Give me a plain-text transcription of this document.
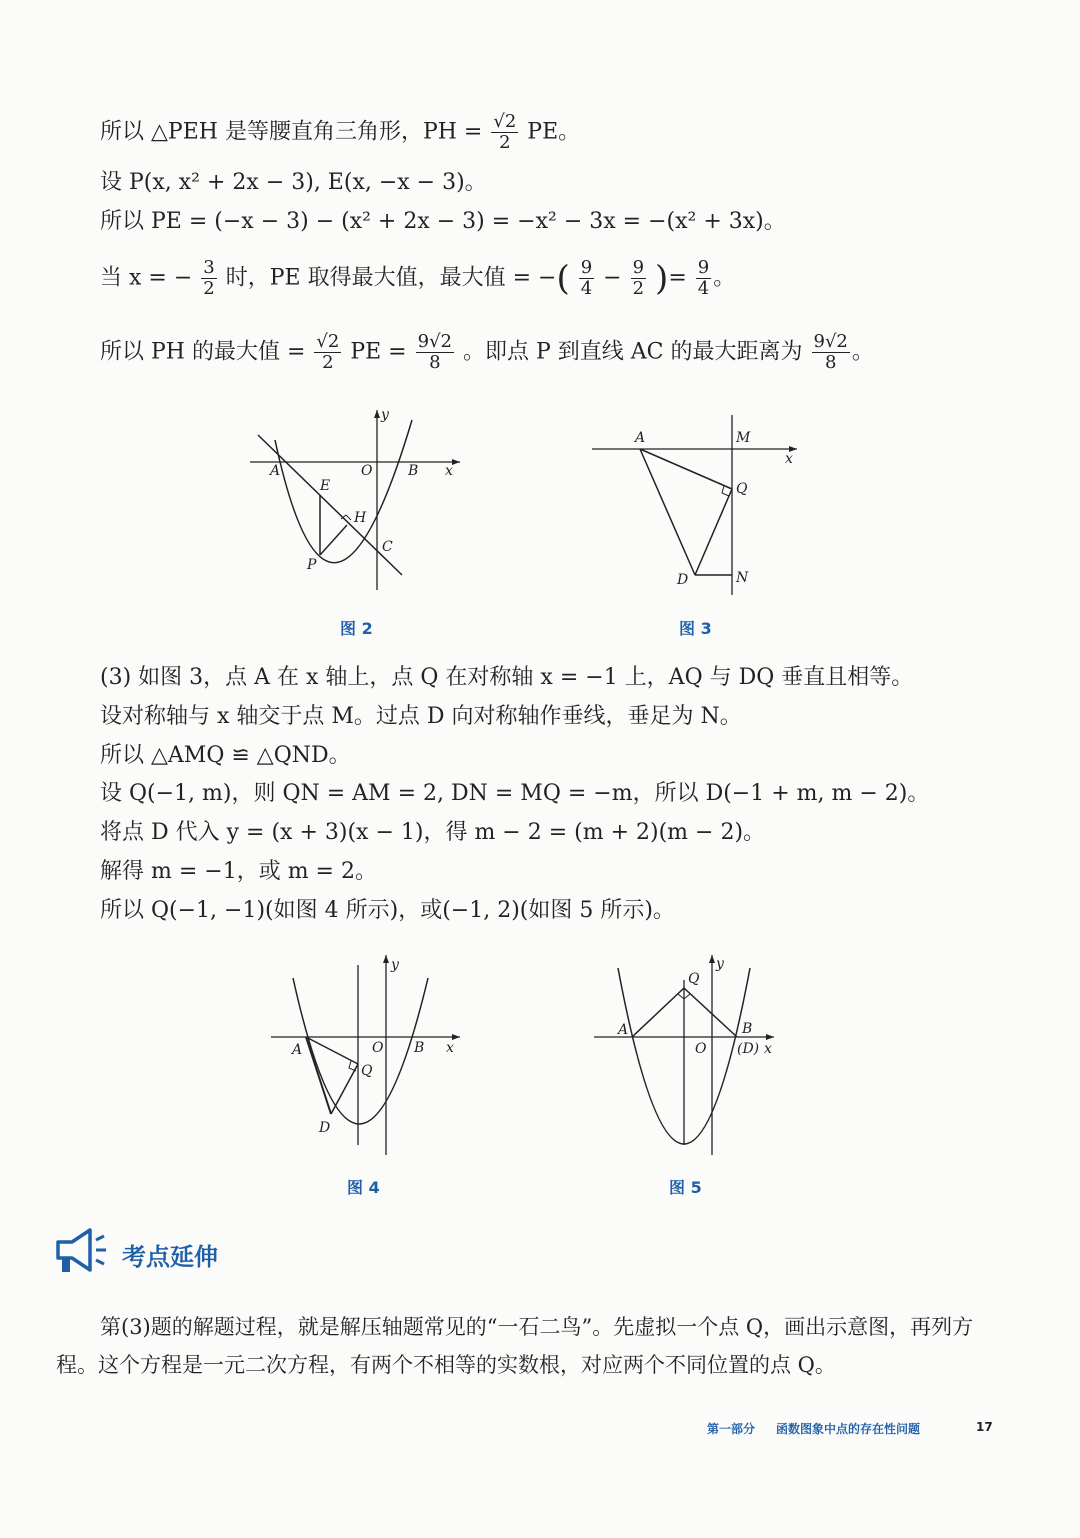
所以 △PEH 是等腰直角三角形，PH = $\frac{√2}{2}$ PE。
设 P(x, x² + 2x − 3), E(x, −x − 3)。
所以 PE = (−x − 3) − (x² + 2x − 3) = −x² − 3x = −(x² + 3x)。
当 x = − $\frac{3}{2}$ 时，PE 取得最大值，最大值 = −( $\frac{9}{4} - \frac{9}{2}$ )= $\frac{9}{4}$ 。
所以 PH 的最大值 = $\frac{√2}{2}$ PE = $\frac{9√2}{8}$ 。即点 P 到直线 AC 的最大距离为 $\frac{9√2}{8}$ 。
A	O	B x
y
E
H
C
P
图 2
A	M
x
Q
D	N
图 3
(3) 如图 3，点 A 在 x 轴上，点 Q 在对称轴 x = −1 上，AQ 与 DQ 垂直且相等。
设对称轴与 x 轴交于点 M。过点 D 向对称轴作垂线，垂足为 N。
所以 △AMQ ≌ △QND。
设 Q(−1, m)，则 QN = AM = 2, DN = MQ = −m，所以 D(−1 + m, m − 2)。
将点 D 代入 y = (x + 3)(x − 1)，得 m − 2 = (m + 2)(m − 2)。
解得 m = −1，或 m = 2。
所以 Q(−1, −1)(如图 4 所示)，或(−1, 2)(如图 5 所示)。
A	O B x
y
Q
D
图 4
Q
y
A	B
O (D) x
图 5
考点延伸
第(3)题的解题过程，就是解压轴题常见的“一石二鸟”。先虚拟一个点 Q，画出示意图，再列方程。这个方程是一元二次方程，有两个不相等的实数根，对应两个不同位置的点 Q。
第一部分 函数图象中点的存在性问题	17
